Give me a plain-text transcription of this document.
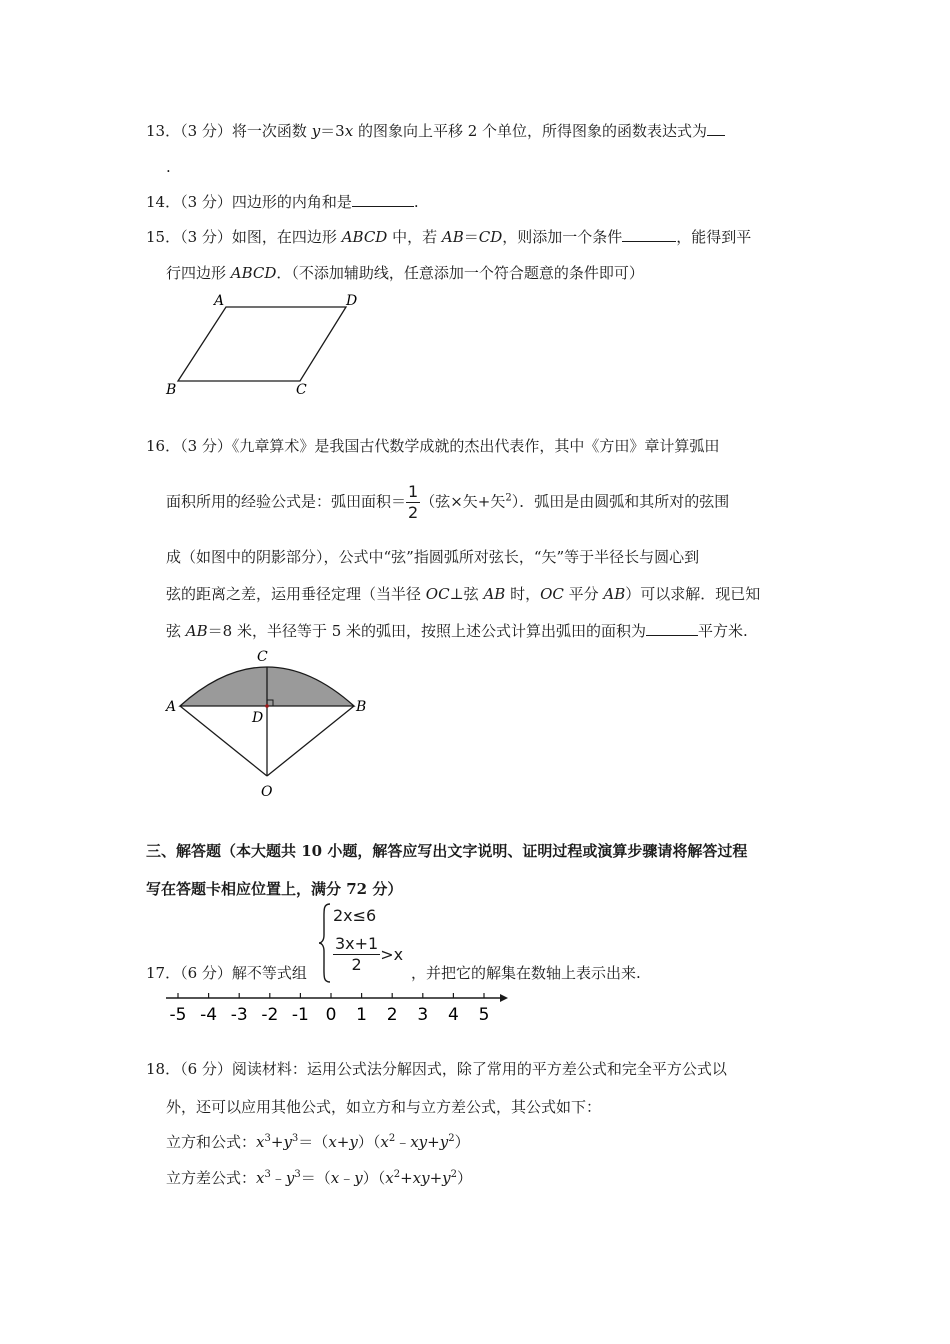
13．（3 分）将一次函数 y＝3x 的图象向上平移 2 个单位，所得图象的函数表达式为
.
14．（3 分）四边形的内角和是	.
15．（3 分）如图，在四边形 ABCD 中，若 AB＝CD，则添加一个条件	，能得到平
行四边形 ABCD．（不添加辅助线，任意添加一个符合题意的条件即可）
A	D
B	C
16．（3 分）《九章算术》是我国古代数学成就的杰出代表作，其中《方田》章计算弧田
面积所用的经验公式是：弧田面积＝ $\frac{1}{2}$ （弦×矢+矢$^2$）．弧田是由圆弧和其所对的弦围
成（如图中的阴影部分），公式中“弦”指圆弧所对弦长，“矢”等于半径长与圆心到
弦的距离之差，运用垂径定理（当半径 OC⊥弦 AB 时，OC 平分 AB）可以求解．现已知
弦 AB＝8 米，半径等于 5 米的弧田，按照上述公式计算出弧田的面积为	平方米.
C
A	B
D
O
三、解答题（本大题共 10 小题，解答应写出文字说明、证明过程或演算步骤请将解答过程
写在答题卡相应位置上，满分 72 分）
17．（6 分）解不等式组
2x≤6
$\frac{3x+1}{2} >x$
，并把它的解集在数轴上表示出来.
-5 -4 -3 -2 -1 0 1 2 3 4 5
18．（6 分）阅读材料：运用公式法分解因式，除了常用的平方差公式和完全平方公式以
外，还可以应用其他公式，如立方和与立方差公式，其公式如下：
立方和公式：$x^3+y^3=(x+y)(x^2﹣xy+y^2)$
立方差公式：$x^3﹣y^3=(x﹣y)(x^2+xy+y^2)$
